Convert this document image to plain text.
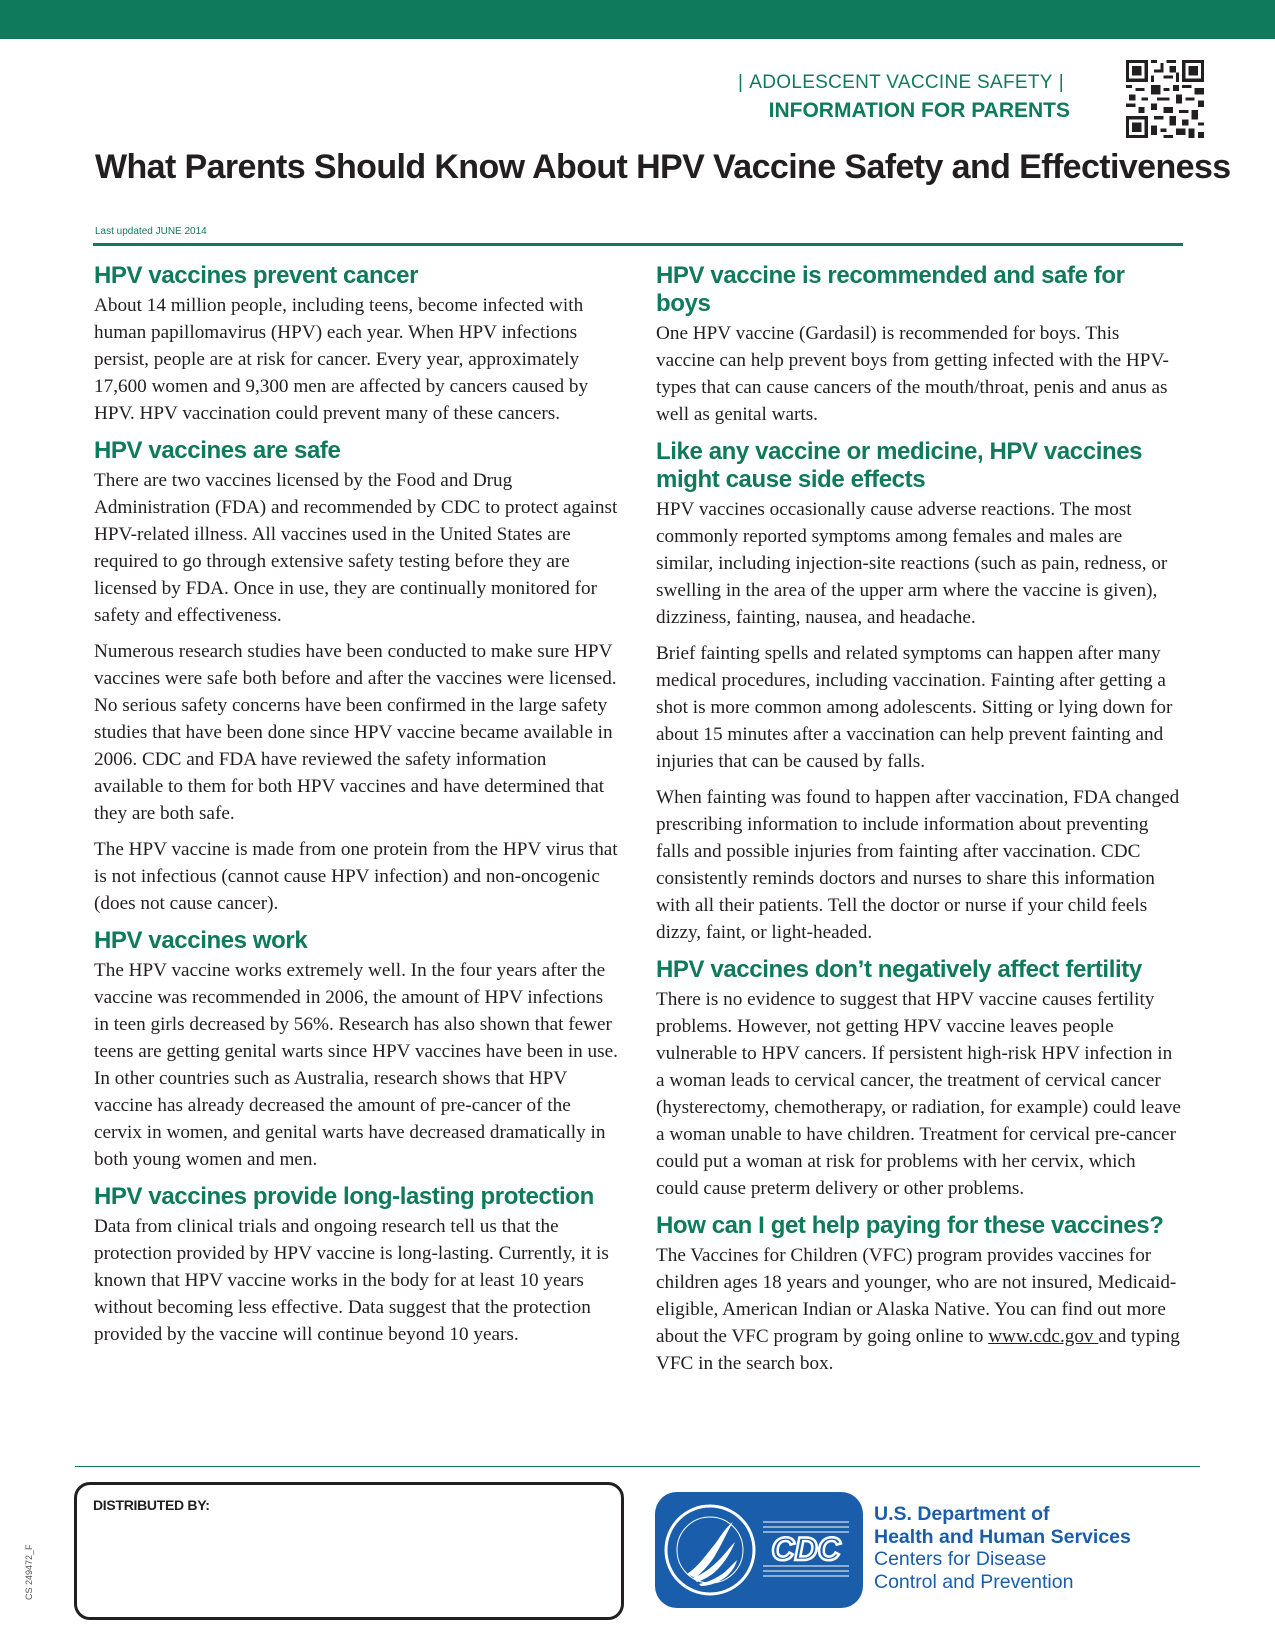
| ADOLESCENT VACCINE SAFETY |
INFORMATION FOR PARENTS
What Parents Should Know About HPV Vaccine Safety and Effectiveness
Last updated JUNE 2014
HPV vaccines prevent cancer

About 14 million people, including teens, become infected with human papillomavirus (HPV) each year. When HPV infections persist, people are at risk for cancer. Every year, approximately 17,600 women and 9,300 men are affected by cancers caused by HPV. HPV vaccination could prevent many of these cancers.

HPV vaccines are safe

There are two vaccines licensed by the Food and Drug Administration (FDA) and recommended by CDC to protect against HPV-related illness. All vaccines used in the United States are required to go through extensive safety testing before they are licensed by FDA. Once in use, they are continually monitored for safety and effectiveness.

Numerous research studies have been conducted to make sure HPV vaccines were safe both before and after the vaccines were licensed. No serious safety concerns have been confirmed in the large safety studies that have been done since HPV vaccine became available in 2006. CDC and FDA have reviewed the safety information available to them for both HPV vaccines and have determined that they are both safe.

The HPV vaccine is made from one protein from the HPV virus that is not infectious (cannot cause HPV infection) and non-oncogenic (does not cause cancer).

HPV vaccines work

The HPV vaccine works extremely well. In the four years after the vaccine was recommended in 2006, the amount of HPV infections in teen girls decreased by 56%. Research has also shown that fewer teens are getting genital warts since HPV vaccines have been in use. In other countries such as Australia, research shows that HPV vaccine has already decreased the amount of pre-cancer of the cervix in women, and genital warts have decreased dramatically in both young women and men.

HPV vaccines provide long-lasting protection

Data from clinical trials and ongoing research tell us that the protection provided by HPV vaccine is long-lasting. Currently, it is known that HPV vaccine works in the body for at least 10 years without becoming less effective. Data suggest that the protection provided by the vaccine will continue beyond 10 years.

HPV vaccine is recommended and safe for boys

One HPV vaccine (Gardasil) is recommended for boys. This vaccine can help prevent boys from getting infected with the HPV-types that can cause cancers of the mouth/throat, penis and anus as well as genital warts.

Like any vaccine or medicine, HPV vaccines might cause side effects

HPV vaccines occasionally cause adverse reactions. The most commonly reported symptoms among females and males are similar, including injection-site reactions (such as pain, redness, or swelling in the area of the upper arm where the vaccine is given), dizziness, fainting, nausea, and headache.

Brief fainting spells and related symptoms can happen after many medical procedures, including vaccination. Fainting after getting a shot is more common among adolescents. Sitting or lying down for about 15 minutes after a vaccination can help prevent fainting and injuries that can be caused by falls.

When fainting was found to happen after vaccination, FDA changed prescribing information to include information about preventing falls and possible injuries from fainting after vaccination. CDC consistently reminds doctors and nurses to share this information with all their patients. Tell the doctor or nurse if your child feels dizzy, faint, or light-headed.

HPV vaccines don’t negatively affect fertility

There is no evidence to suggest that HPV vaccine causes fertility problems. However, not getting HPV vaccine leaves people vulnerable to HPV cancers. If persistent high-risk HPV infection in a woman leads to cervical cancer, the treatment of cervical cancer (hysterectomy, chemotherapy, or radiation, for example) could leave a woman unable to have children. Treatment for cervical pre-cancer could put a woman at risk for problems with her cervix, which could cause preterm delivery or other problems.

How can I get help paying for these vaccines?

The Vaccines for Children (VFC) program provides vaccines for children ages 18 years and younger, who are not insured, Medicaid-eligible, American Indian or Alaska Native. You can find out more about the VFC program by going online to www.cdc.gov and typing VFC in the search box.

DISTRIBUTED BY:
CS 249472_F	CDC
U.S. Department of
Health and Human Services
Centers for Disease
Control and Prevention
